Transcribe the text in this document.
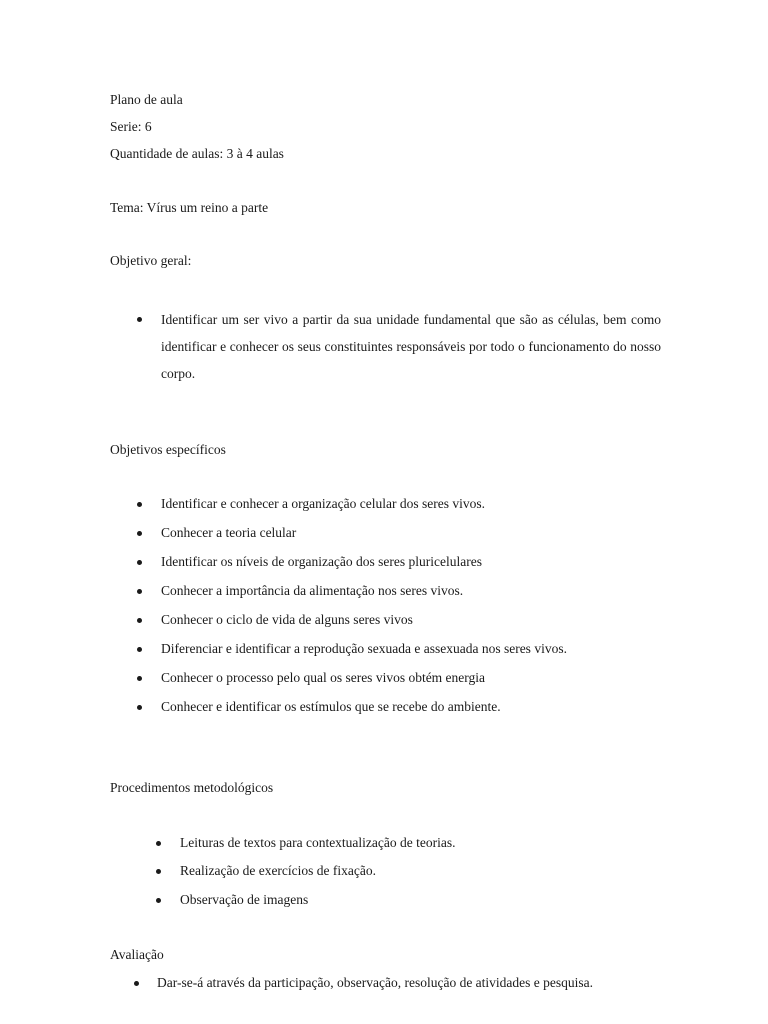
Plano de aula
Serie: 6
Quantidade de aulas: 3 à 4 aulas
Tema: Vírus um reino a parte
Objetivo geral:
Identificar um ser vivo a partir da sua unidade fundamental que são as células, bem como identificar e conhecer os seus constituintes responsáveis por todo o funcionamento do nosso corpo.
Objetivos específicos
Identificar e conhecer a organização celular dos seres vivos.
Conhecer a teoria celular
Identificar os níveis de organização dos seres pluricelulares
Conhecer a importância da alimentação nos seres vivos.
Conhecer o ciclo de vida de alguns seres vivos
Diferenciar e identificar a reprodução sexuada e assexuada nos seres vivos.
Conhecer o processo pelo qual os seres vivos obtém energia
Conhecer e identificar os estímulos que se recebe do ambiente.
Procedimentos metodológicos
Leituras de textos para contextualização de teorias.
Realização de exercícios de fixação.
Observação de imagens
Avaliação
Dar-se-á através da participação, observação, resolução de atividades e pesquisa.
